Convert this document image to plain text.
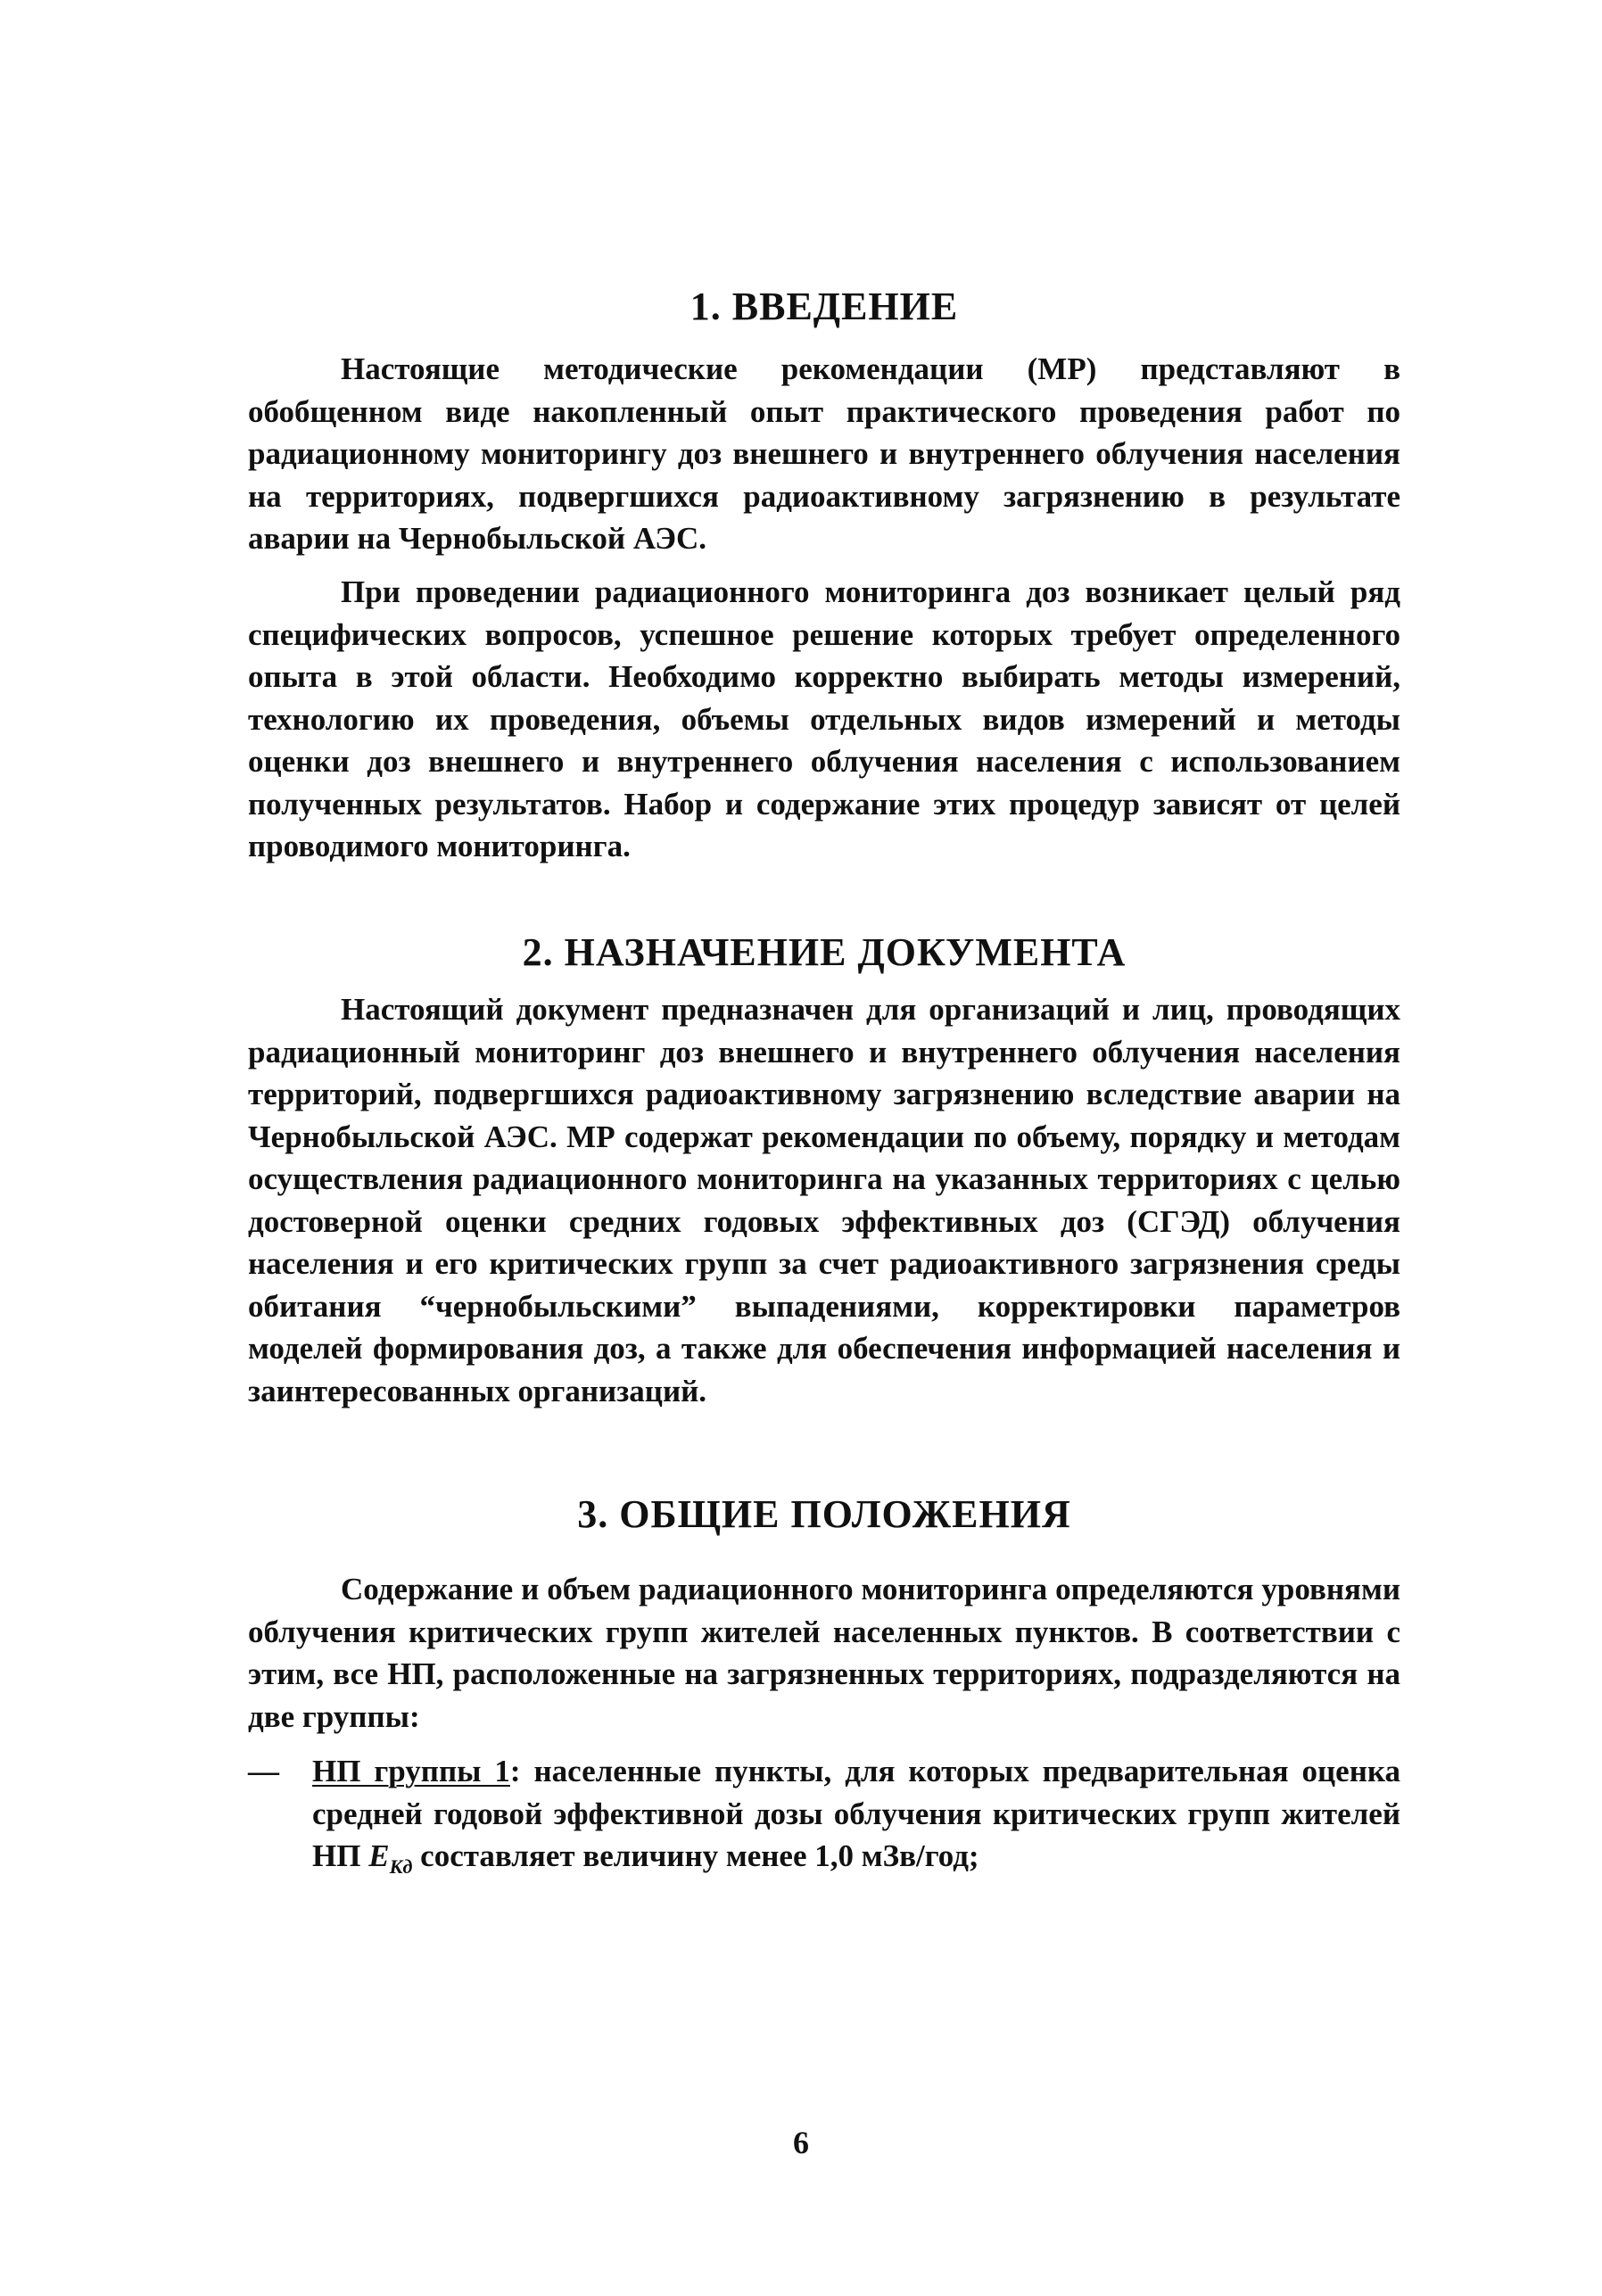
1. ВВЕДЕНИЕ

Настоящие методические рекомендации (МР) представляют в обобщенном виде накопленный опыт практического проведения работ по радиационному мониторингу доз внешнего и внутреннего облучения населения на территориях, подвергшихся радиоактивному загрязнению в результате аварии на Чернобыльской АЭС.

При проведении радиационного мониторинга доз возникает целый ряд специфических вопросов, успешное решение которых требует определенного опыта в этой области. Необходимо корректно выбирать методы измерений, технологию их проведения, объемы отдельных видов измерений и методы оценки доз внешнего и внутреннего облучения населения с использованием полученных результатов. Набор и содержание этих процедур зависят от целей проводимого мониторинга.

2. НАЗНАЧЕНИЕ ДОКУМЕНТА

Настоящий документ предназначен для организаций и лиц, проводящих радиационный мониторинг доз внешнего и внутреннего облучения населения территорий, подвергшихся радиоактивному загрязнению вследствие аварии на Чернобыльской АЭС. МР содержат рекомендации по объему, порядку и методам осуществления радиационного мониторинга на указанных территориях с целью достоверной оценки средних годовых эффективных доз (СГЭД) облучения населения и его критических групп за счет радиоактивного загрязнения среды обитания “чернобыльскими” выпадениями, корректировки параметров моделей формирования доз, а также для обеспечения информацией населения и заинтересованных организаций.

3. ОБЩИЕ ПОЛОЖЕНИЯ

Содержание и объем радиационного мониторинга определяются уровнями облучения критических групп жителей населенных пунктов. В соответствии с этим, все НП, расположенные на загрязненных территориях, подразделяются на две группы:

—	НП группы 1: населенные пункты, для которых предварительная оценка средней годовой эффективной дозы облучения критических групп жителей НП $E_{Кд}$ составляет величину менее 1,0 мЗв/год;

6
